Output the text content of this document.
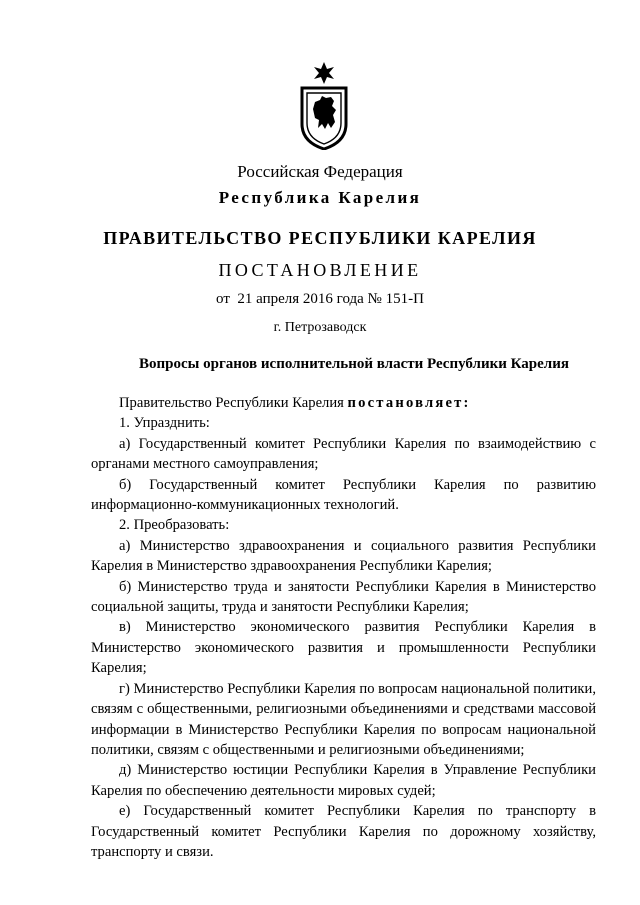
Российская Федерация
Республика Карелия
ПРАВИТЕЛЬСТВО РЕСПУБЛИКИ КАРЕЛИЯ
ПОСТАНОВЛЕНИЕ
от  21 апреля 2016 года № 151-П
г. Петрозаводск
Вопросы органов исполнительной власти Республики Карелия

Правительство Республики Карелия постановляет:

1. Упразднить:

а) Государственный комитет Республики Карелия по взаимодействию с органами местного самоуправления;

б) Государственный комитет Республики Карелия по развитию информационно-коммуникационных технологий.

2. Преобразовать:

а) Министерство здравоохранения и социального развития Республики Карелия в Министерство здравоохранения Республики Карелия;

б) Министерство труда и занятости Республики Карелия в Министерство социальной защиты, труда и занятости Республики Карелия;

в) Министерство экономического развития Республики Карелия в Министерство экономического развития и промышленности Республики Карелия;

г) Министерство Республики Карелия по вопросам национальной политики, связям с общественными, религиозными объединениями и средствами массовой информации в Министерство Республики Карелия по вопросам национальной политики, связям с общественными и религиозными объединениями;

д) Министерство юстиции Республики Карелия в Управление Республики Карелия по обеспечению деятельности мировых судей;

е) Государственный комитет Республики Карелия по транспорту в Государственный комитет Республики Карелия по дорожному хозяйству, транспорту и связи.
